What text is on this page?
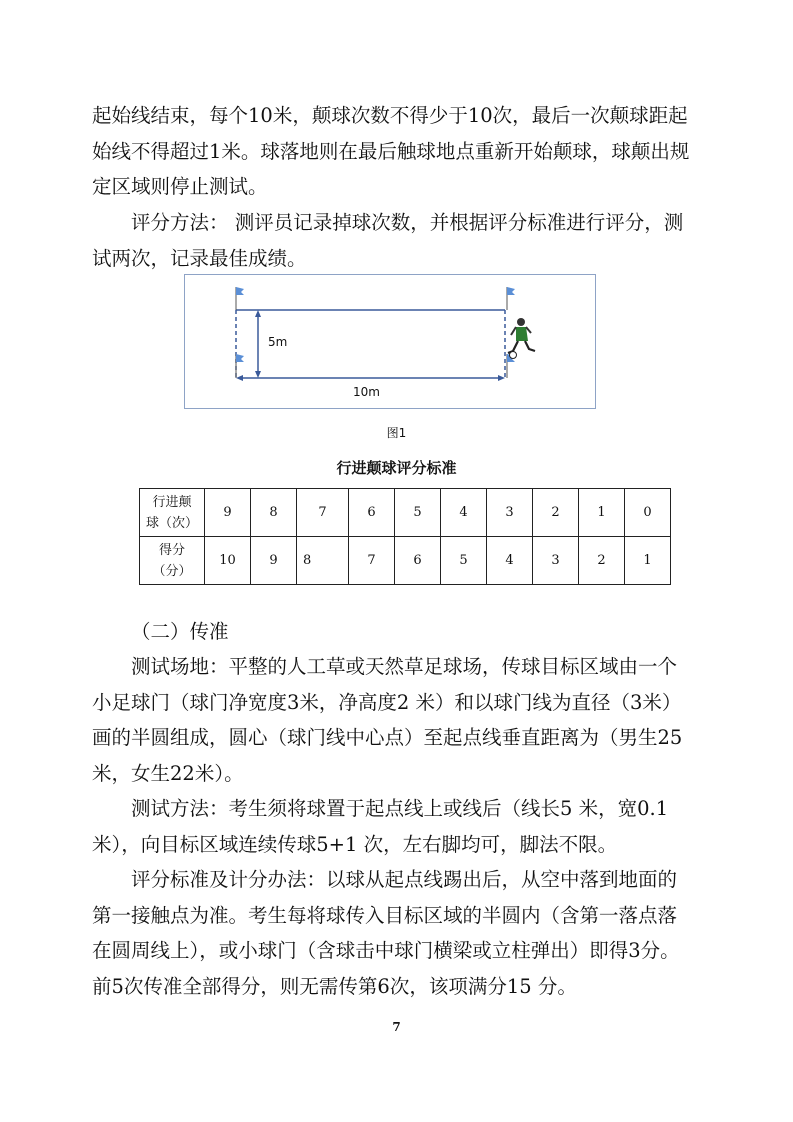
起始线结束，每个10米，颠球次数不得少于10次，最后一次颠球距起
始线不得超过1米。球落地则在最后触球地点重新开始颠球，球颠出规
定区域则停止测试。
评分方法： 测评员记录掉球次数，并根据评分标准进行评分，测
试两次，记录最佳成绩。
5m
10m
图1
行进颠球评分标准
行进颠
球（次）	9	8	7	6	5	4	3	2	1	0
得分
（分）	10	9	8	7	6	5	4	3	2	1
（二）传准
测试场地：平整的人工草或天然草足球场，传球目标区域由一个
小足球门（球门净宽度3米，净高度2 米）和以球门线为直径（3米）
画的半圆组成，圆心（球门线中心点）至起点线垂直距离为（男生25
米，女生22米）。
测试方法：考生须将球置于起点线上或线后（线长5 米，宽0.1
米），向目标区域连续传球5+1 次，左右脚均可，脚法不限。
评分标准及计分办法：以球从起点线踢出后，从空中落到地面的
第一接触点为准。考生每将球传入目标区域的半圆内（含第一落点落
在圆周线上），或小球门（含球击中球门横梁或立柱弹出）即得3分。
前5次传准全部得分，则无需传第6次，该项满分15 分。
7
